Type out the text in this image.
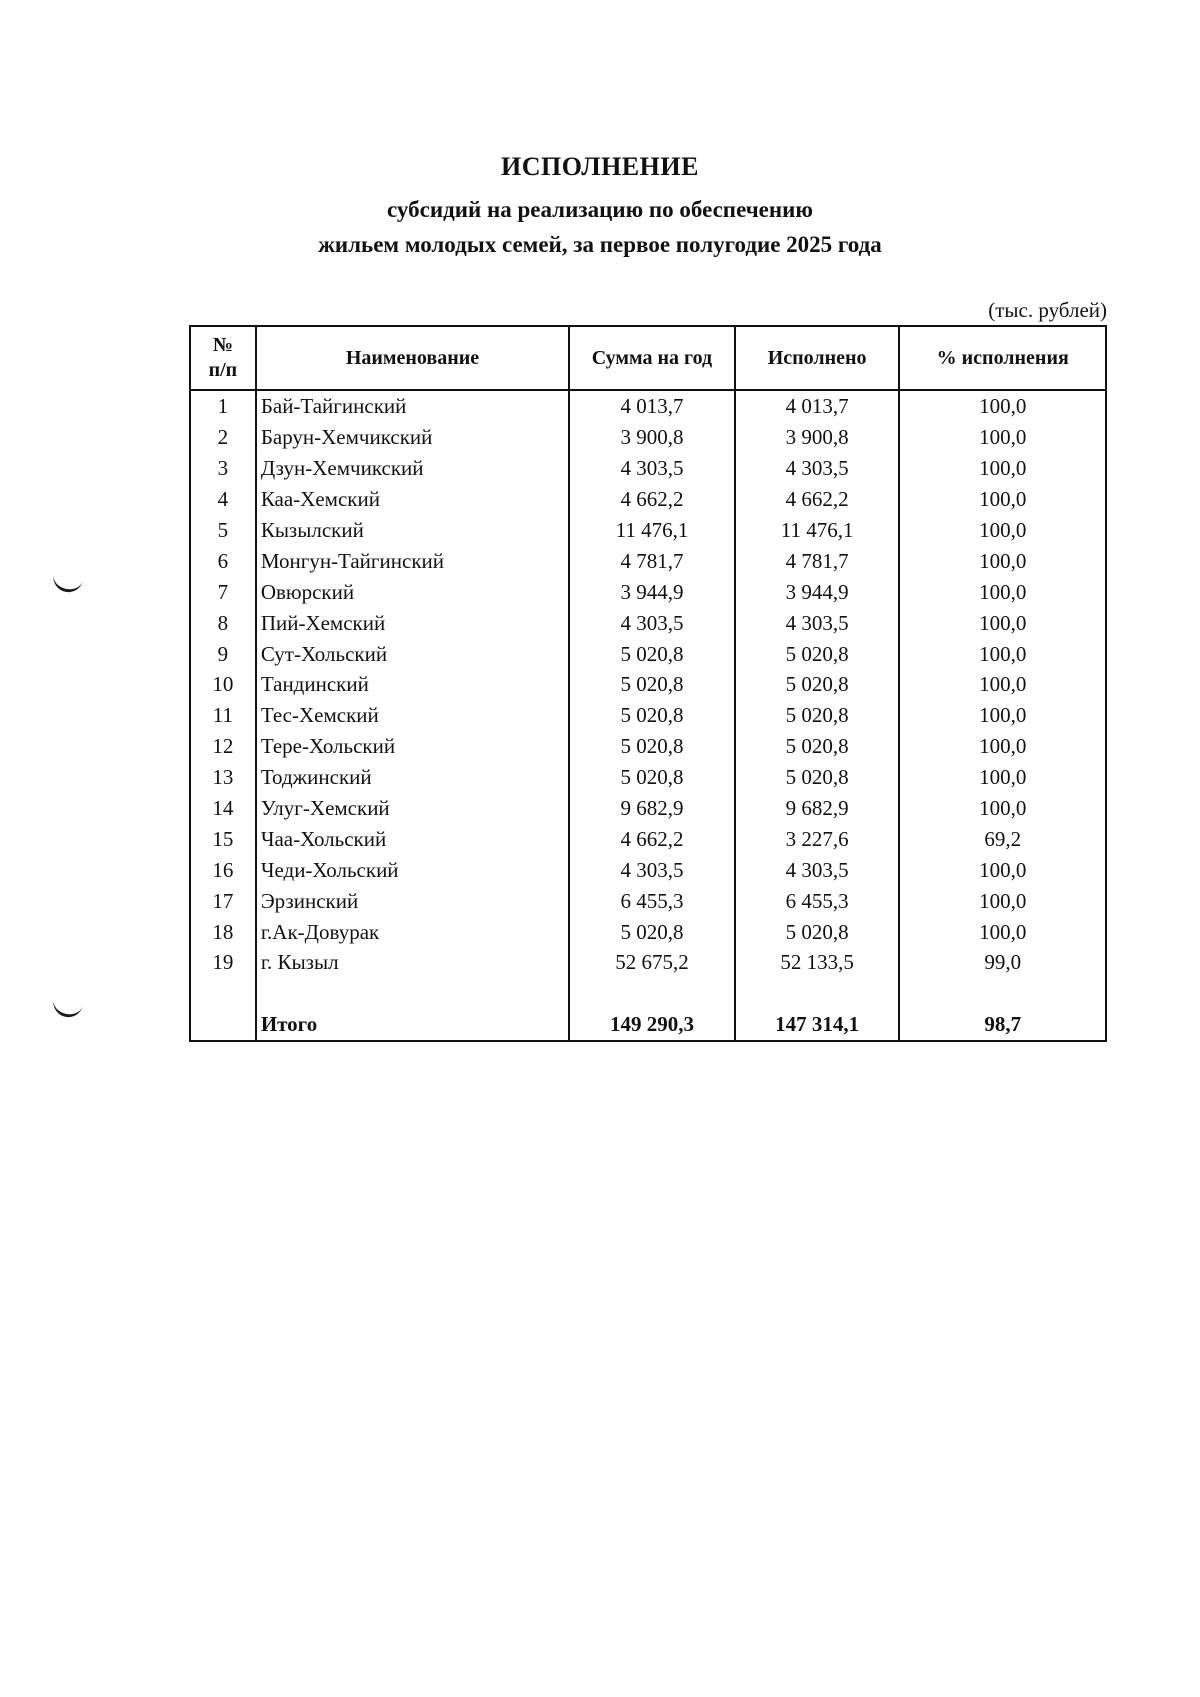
ИСПОЛНЕНИЕ
субсидий на реализацию по обеспечению
жильем молодых семей, за первое полугодие 2025 года
(тыс. рублей)
№
п/п	Наименование	Сумма на год	Исполнено	% исполнения
1	Бай-Тайгинский	4 013,7	4 013,7	100,0
2	Барун-Хемчикский	3 900,8	3 900,8	100,0
3	Дзун-Хемчикский	4 303,5	4 303,5	100,0
4	Каа-Хемский	4 662,2	4 662,2	100,0
5	Кызылский	11 476,1	11 476,1	100,0
6	Монгун-Тайгинский	4 781,7	4 781,7	100,0
7	Овюрский	3 944,9	3 944,9	100,0
8	Пий-Хемский	4 303,5	4 303,5	100,0
9	Сут-Хольский	5 020,8	5 020,8	100,0
10	Тандинский	5 020,8	5 020,8	100,0
11	Тес-Хемский	5 020,8	5 020,8	100,0
12	Тере-Хольский	5 020,8	5 020,8	100,0
13	Тоджинский	5 020,8	5 020,8	100,0
14	Улуг-Хемский	9 682,9	9 682,9	100,0
15	Чаа-Хольский	4 662,2	3 227,6	69,2
16	Чеди-Хольский	4 303,5	4 303,5	100,0
17	Эрзинский	6 455,3	6 455,3	100,0
18	г.Ак-Довурак	5 020,8	5 020,8	100,0
19	г. Кызыл	52 675,2	52 133,5	99,0

	Итого	149 290,3	147 314,1	98,7
